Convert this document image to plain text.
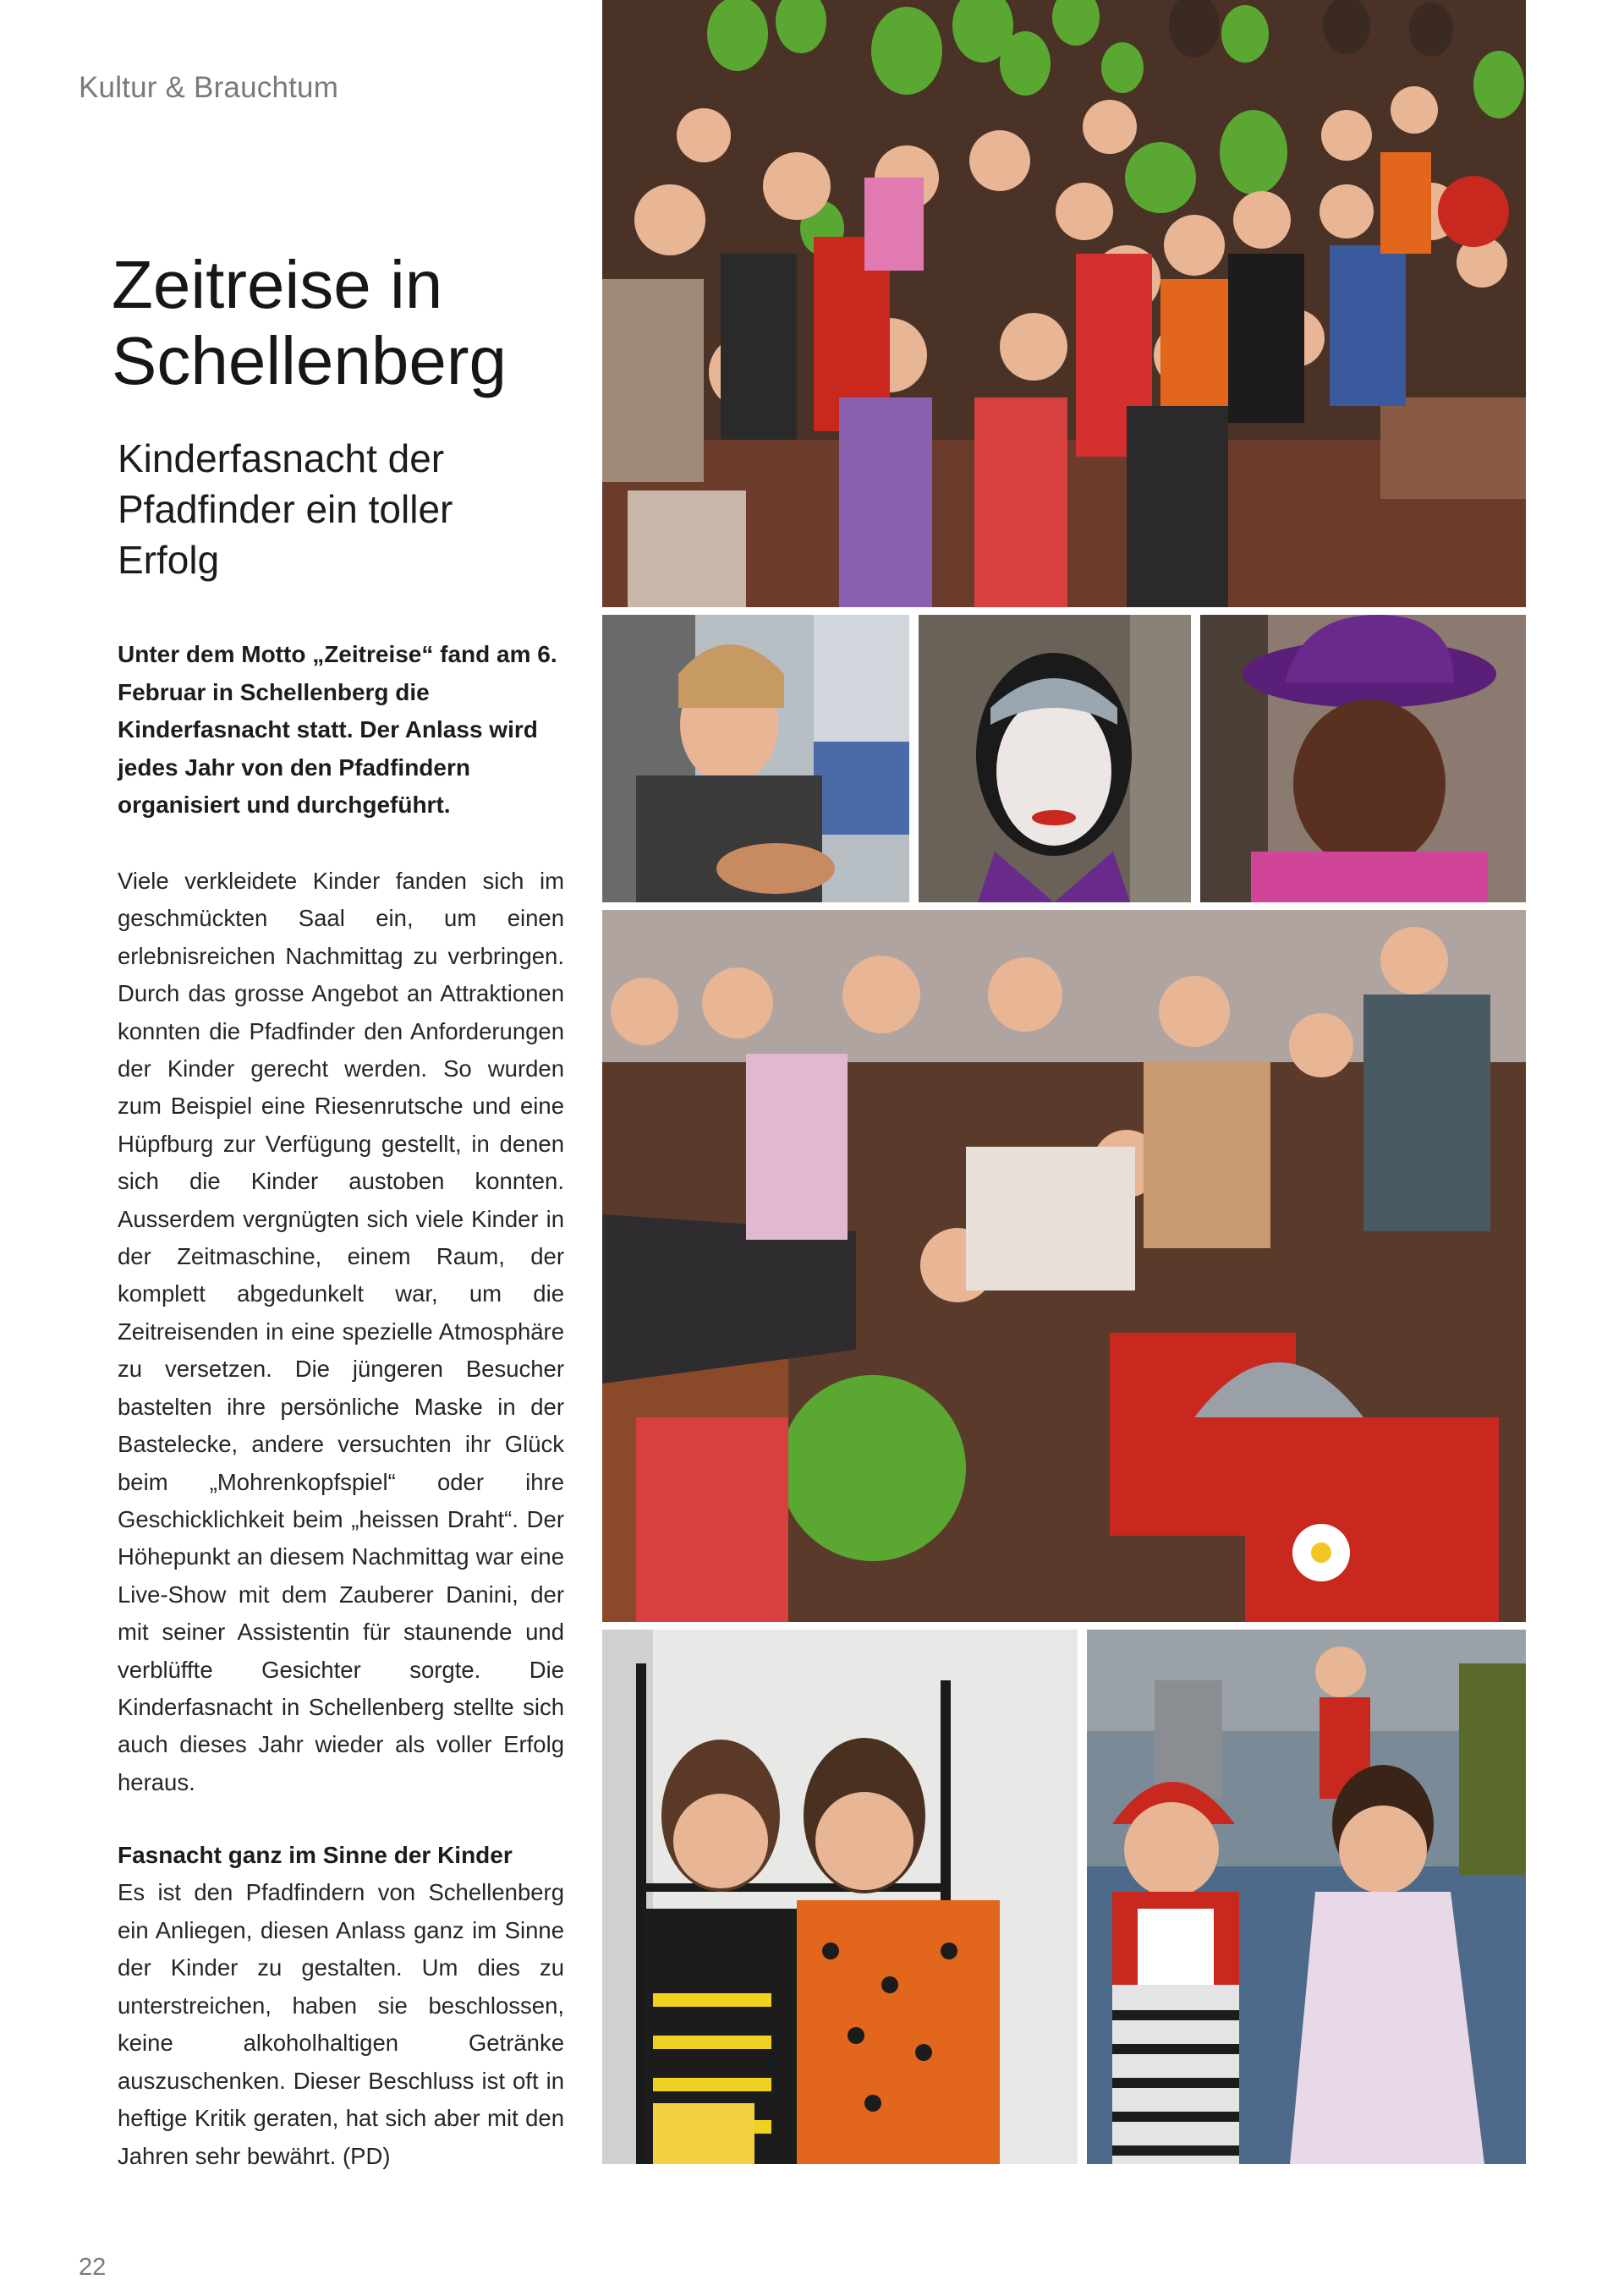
Kultur & Brauchtum
Zeitreise in
Schellenberg
Kinderfasnacht der
Pfadfinder ein toller
Erfolg

Unter dem Motto „Zeitreise“ fand am 6. Februar in Schellenberg die Kinderfasnacht statt. Der Anlass wird jedes Jahr von den Pfadfindern organisiert und durchgeführt.

Viele verkleidete Kinder fanden sich im geschmückten Saal ein, um einen erlebnisreichen Nachmittag zu verbringen. Durch das grosse Angebot an Attraktionen konnten die Pfadfinder den Anforderungen der Kinder gerecht werden. So wurden zum Beispiel eine Riesenrutsche und eine Hüpfburg zur Verfügung gestellt, in denen sich die Kinder austoben konnten. Ausserdem vergnügten sich viele Kinder in der Zeitmaschine, einem Raum, der komplett abgedunkelt war, um die Zeitreisenden in eine spezielle Atmosphäre zu versetzen. Die jüngeren Besucher bastelten ihre persönliche Maske in der Bastelecke, andere versuchten ihr Glück beim „Mohrenkopfspiel“ oder ihre Geschicklichkeit beim „heissen Draht“. Der Höhepunkt an diesem Nachmittag war eine Live-Show mit dem Zauberer Danini, der mit seiner Assistentin für staunende und verblüffte Gesichter sorgte. Die Kinderfasnacht in Schellenberg stellte sich auch dieses Jahr wieder als voller Erfolg heraus.

Fasnacht ganz im Sinne der Kinder

Es ist den Pfadfindern von Schellenberg ein Anliegen, diesen Anlass ganz im Sinne der Kinder zu gestalten. Um dies zu unterstreichen, haben sie beschlossen, keine alkoholhaltigen Getränke auszuschenken. Dieser Beschluss ist oft in heftige Kritik geraten, hat sich aber mit den Jahren sehr bewährt. (PD)

22
